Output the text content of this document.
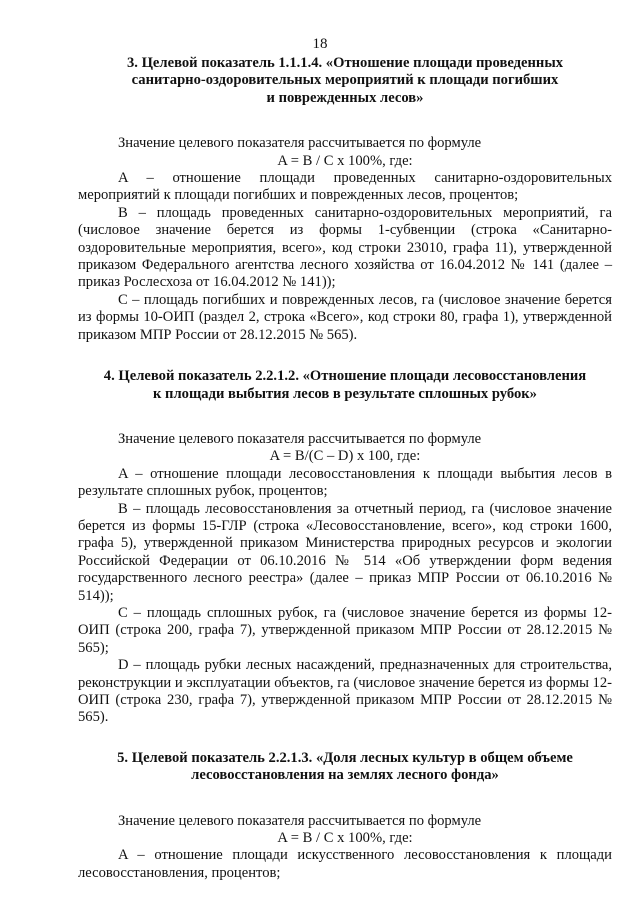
18

3. Целевой показатель 1.1.1.4. «Отношение площади проведенных
санитарно-оздоровительных мероприятий к площади погибших
и поврежденных лесов»

Значение целевого показателя рассчитывается по формуле

A = B / C x 100%, где:

A – отношение площади проведенных санитарно-оздоровительных мероприятий к площади погибших и поврежденных лесов, процентов;

B – площадь проведенных санитарно-оздоровительных мероприятий, га (числовое значение берется из формы 1-субвенции (строка «Санитарно-оздоровительные мероприятия, всего», код строки 23010, графа 11), утвержденной приказом Федерального агентства лесного хозяйства от 16.04.2012 № 141 (далее – приказ Рослесхоза от 16.04.2012 № 141));

C – площадь погибших и поврежденных лесов, га (числовое значение берется из формы 10-ОИП (раздел 2, строка «Всего», код строки 80, графа 1), утвержденной приказом МПР России от 28.12.2015 № 565).

4. Целевой показатель 2.2.1.2. «Отношение площади лесовосстановления
к площади выбытия лесов в результате сплошных рубок»

Значение целевого показателя рассчитывается по формуле

A = B/(C – D) x 100, где:

A – отношение площади лесовосстановления к площади выбытия лесов в результате сплошных рубок, процентов;

B – площадь лесовосстановления за отчетный период, га (числовое значение берется из формы 15-ГЛР (строка «Лесовосстановление, всего», код строки 1600, графа 5), утвержденной приказом Министерства природных ресурсов и экологии Российской Федерации от 06.10.2016 № 514 «Об утверждении форм ведения государственного лесного реестра» (далее – приказ МПР России от 06.10.2016 № 514));

C – площадь сплошных рубок, га (числовое значение берется из формы 12-ОИП (строка 200, графа 7), утвержденной приказом МПР России от 28.12.2015 № 565);

D – площадь рубки лесных насаждений, предназначенных для строительства, реконструкции и эксплуатации объектов, га (числовое значение берется из формы 12-ОИП (строка 230, графа 7), утвержденной приказом МПР России от 28.12.2015 № 565).

5. Целевой показатель 2.2.1.3. «Доля лесных культур в общем объеме
лесовосстановления на землях лесного фонда»

Значение целевого показателя рассчитывается по формуле

A = B / C x 100%, где:

A – отношение площади искусственного лесовосстановления к площади лесовосстановления, процентов;
